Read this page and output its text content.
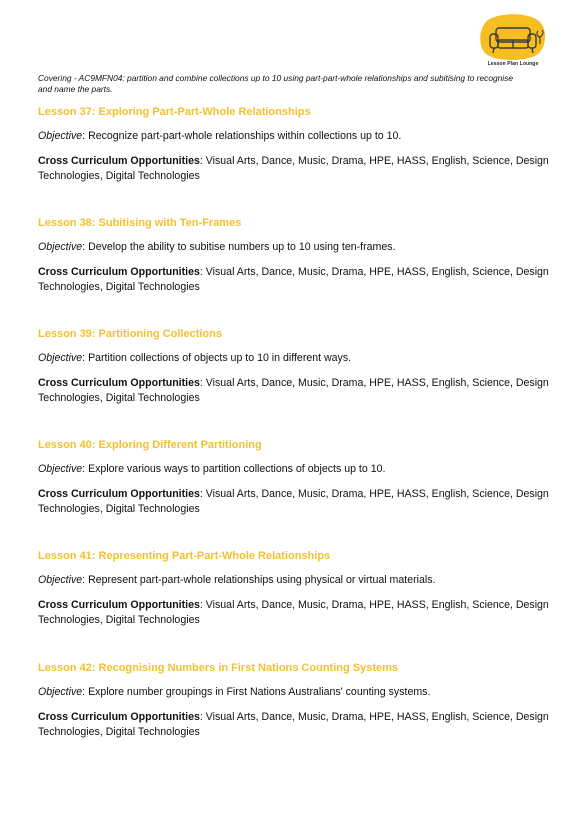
Lesson Plan Lounge
Covering - AC9MFN04: partition and combine collections up to 10 using part-part-whole relationships and subitising to recognise and name the parts.
Lesson 37: Exploring Part-Part-Whole Relationships
Objective: Recognize part-part-whole relationships within collections up to 10.
Cross Curriculum Opportunities: Visual Arts, Dance, Music, Drama, HPE, HASS, English, Science, Design Technologies, Digital Technologies
Lesson 38: Subitising with Ten-Frames
Objective: Develop the ability to subitise numbers up to 10 using ten-frames.
Cross Curriculum Opportunities: Visual Arts, Dance, Music, Drama, HPE, HASS, English, Science, Design Technologies, Digital Technologies
Lesson 39: Partitioning Collections
Objective: Partition collections of objects up to 10 in different ways.
Cross Curriculum Opportunities: Visual Arts, Dance, Music, Drama, HPE, HASS, English, Science, Design Technologies, Digital Technologies
Lesson 40: Exploring Different Partitioning
Objective: Explore various ways to partition collections of objects up to 10.
Cross Curriculum Opportunities: Visual Arts, Dance, Music, Drama, HPE, HASS, English, Science, Design Technologies, Digital Technologies
Lesson 41: Representing Part-Part-Whole Relationships
Objective: Represent part-part-whole relationships using physical or virtual materials.
Cross Curriculum Opportunities: Visual Arts, Dance, Music, Drama, HPE, HASS, English, Science, Design Technologies, Digital Technologies
Lesson 42: Recognising Numbers in First Nations Counting Systems
Objective: Explore number groupings in First Nations Australians' counting systems.
Cross Curriculum Opportunities: Visual Arts, Dance, Music, Drama, HPE, HASS, English, Science, Design Technologies, Digital Technologies
